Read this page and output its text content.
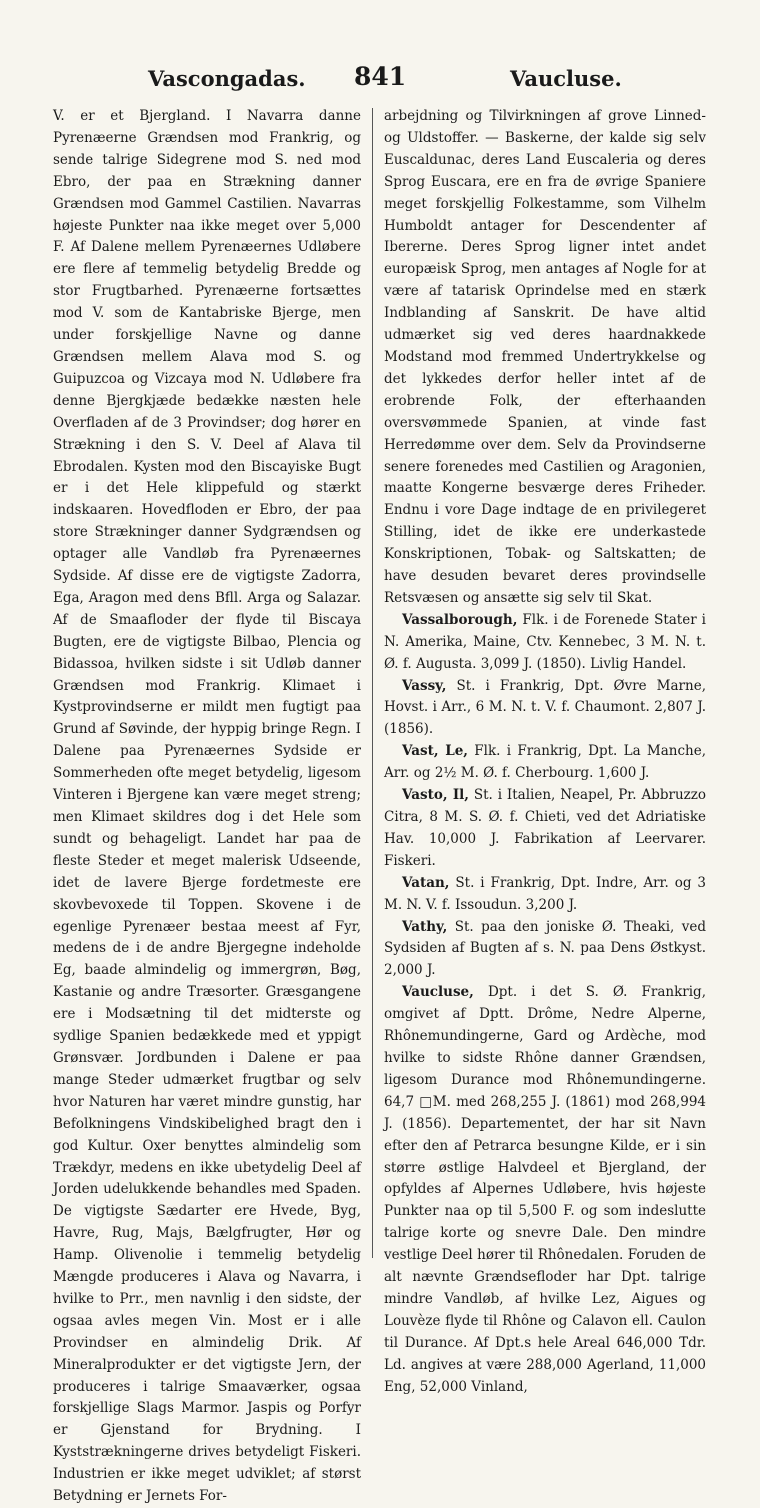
Vascongadas. 841	Vaucluse.

V. er et Bjergland. I Navarra danne Pyrenæerne Grændsen mod Frankrig, og sende talrige Sidegrene mod S. ned mod Ebro, der paa en Strækning danner Grændsen mod Gammel Castilien. Navarras højeste Punkter naa ikke meget over 5,000 F. Af Dalene mellem Pyrenæernes Udløbere ere flere af temmelig betydelig Bredde og stor Frugtbarhed. Pyrenæerne fortsættes mod V. som de Kantabriske Bjerge, men under forskjellige Navne og danne Grændsen mellem Alava mod S. og Guipuzcoa og Vizcaya mod N. Udløbere fra denne Bjergkjæde bedække næsten hele Overfladen af de 3 Provindser; dog hører en Strækning i den S. V. Deel af Alava til Ebrodalen. Kysten mod den Biscayiske Bugt er i det Hele klippefuld og stærkt indskaaren. Hovedfloden er Ebro, der paa store Strækninger danner Sydgrændsen og optager alle Vandløb fra Pyrenæernes Sydside. Af disse ere de vigtigste Zadorra, Ega, Aragon med dens Bfll. Arga og Salazar. Af de Smaafloder der flyde til Biscaya Bugten, ere de vigtigste Bilbao, Plencia og Bidassoa, hvilken sidste i sit Udløb danner Grændsen mod Frankrig. Klimaet i Kystprovindserne er mildt men fugtigt paa Grund af Søvinde, der hyppig bringe Regn. I Dalene paa Pyrenæernes Sydside er Sommerheden ofte meget betydelig, ligesom Vinteren i Bjergene kan være meget streng; men Klimaet skildres dog i det Hele som sundt og behageligt. Landet har paa de fleste Steder et meget malerisk Udseende, idet de lavere Bjerge fordetmeste ere skovbevoxede til Toppen. Skovene i de egenlige Pyrenæer bestaa meest af Fyr, medens de i de andre Bjergegne indeholde Eg, baade almindelig og immergrøn, Bøg, Kastanie og andre Træsorter. Græsgangene ere i Modsætning til det midterste og sydlige Spanien bedækkede med et yppigt Grønsvær. Jordbunden i Dalene er paa mange Steder udmærket frugtbar og selv hvor Naturen har været mindre gunstig, har Befolkningens Vindskibelighed bragt den i god Kultur. Oxer benyttes almindelig som Trækdyr, medens en ikke ubetydelig Deel af Jorden udelukkende behandles med Spaden. De vigtigste Sædarter ere Hvede, Byg, Havre, Rug, Majs, Bælgfrugter, Hør og Hamp. Olivenolie i temmelig betydelig Mængde produceres i Alava og Navarra, i hvilke to Prr., men navnlig i den sidste, der ogsaa avles megen Vin. Most er i alle Provindser en almindelig Drik. Af Mineralprodukter er det vigtigste Jern, der produceres i talrige Smaaværker, ogsaa forskjellige Slags Marmor. Jaspis og Porfyr er Gjenstand for Brydning. I Kyststrækningerne drives betydeligt Fiskeri. Industrien er ikke meget udviklet; af størst Betydning er Jernets For-

arbejdning og Tilvirkningen af grove Linned- og Uldstoffer. — Baskerne, der kalde sig selv Euscaldunac, deres Land Euscaleria og deres Sprog Euscara, ere en fra de øvrige Spaniere meget forskjellig Folkestamme, som Vilhelm Humboldt antager for Descendenter af Ibererne. Deres Sprog ligner intet andet europæisk Sprog, men antages af Nogle for at være af tatarisk Oprindelse med en stærk Indblanding af Sanskrit. De have altid udmærket sig ved deres haardnakkede Modstand mod fremmed Undertrykkelse og det lykkedes derfor heller intet af de erobrende Folk, der efterhaanden oversvømmede Spanien, at vinde fast Herredømme over dem. Selv da Provindserne senere forenedes med Castilien og Aragonien, maatte Kongerne besværge deres Friheder. Endnu i vore Dage indtage de en privilegeret Stilling, idet de ikke ere underkastede Konskriptionen, Tobak- og Saltskatten; de have desuden bevaret deres provindselle Retsvæsen og ansætte sig selv til Skat.

Vassalborough, Flk. i de Forenede Stater i N. Amerika, Maine, Ctv. Kennebec, 3 M. N. t. Ø. f. Augusta. 3,099 J. (1850). Livlig Handel.

Vassy, St. i Frankrig, Dpt. Øvre Marne, Hovst. i Arr., 6 M. N. t. V. f. Chaumont. 2,807 J. (1856).

Vast, Le, Flk. i Frankrig, Dpt. La Manche, Arr. og 2½ M. Ø. f. Cherbourg. 1,600 J.

Vasto, Il, St. i Italien, Neapel, Pr. Abbruzzo Citra, 8 M. S. Ø. f. Chieti, ved det Adriatiske Hav. 10,000 J. Fabrikation af Leervarer. Fiskeri.

Vatan, St. i Frankrig, Dpt. Indre, Arr. og 3 M. N. V. f. Issoudun. 3,200 J.

Vathy, St. paa den joniske Ø. Theaki, ved Sydsiden af Bugten af s. N. paa Dens Østkyst. 2,000 J.

Vaucluse, Dpt. i det S. Ø. Frankrig, omgivet af Dptt. Drôme, Nedre Alperne, Rhônemundingerne, Gard og Ardèche, mod hvilke to sidste Rhône danner Grændsen, ligesom Durance mod Rhônemundingerne. 64,7 □M. med 268,255 J. (1861) mod 268,994 J. (1856). Departementet, der har sit Navn efter den af Petrarca besungne Kilde, er i sin større østlige Halvdeel et Bjergland, der opfyldes af Alpernes Udløbere, hvis højeste Punkter naa op til 5,500 F. og som indeslutte talrige korte og snevre Dale. Den mindre vestlige Deel hører til Rhônedalen. Foruden de alt nævnte Grændsefloder har Dpt. talrige mindre Vandløb, af hvilke Lez, Aigues og Louvèze flyde til Rhône og Calavon ell. Caulon til Durance. Af Dpt.s hele Areal 646,000 Tdr. Ld. angives at være 288,000 Agerland, 11,000 Eng, 52,000 Vinland,
